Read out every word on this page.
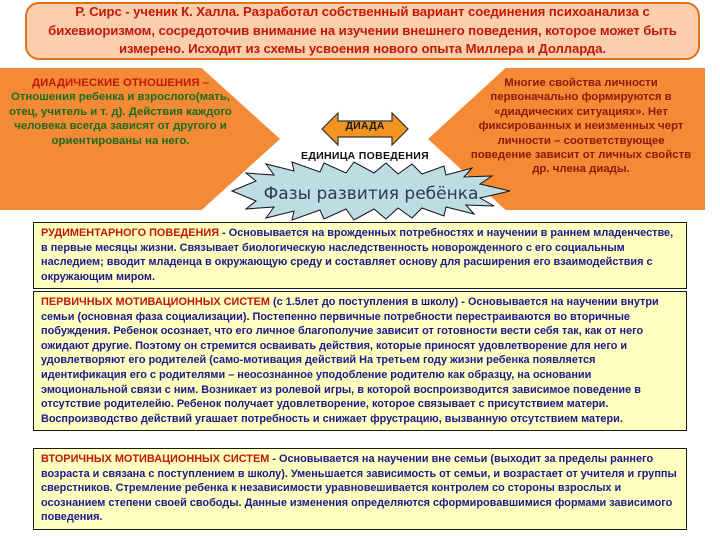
Р. Сирс - ученик К. Халла. Разработал собственный вариант соединения психоанализа с бихевиоризмом, сосредоточив внимание на изучении внешнего поведения, которое может быть измерено. Исходит из схемы усвоения нового опыта Миллера и Долларда.
ДИАДИЧЕСКИЕ ОТНОШЕНИЯ –
Отношения ребенка и взрослого(мать, отец, учитель и т. д). Действия каждого человека всегда зависят от другого и ориентированы на него.
Многие свойства личности первоначально формируются в «диадических ситуациях». Нет фиксированных и неизменных черт личности – соответствующее поведение зависит от личных свойств др. члена диады.
ДИАДА
ЕДИНИЦА ПОВЕДЕНИЯ
Фазы развития ребёнка

РУДИМЕНТАРНОГО ПОВЕДЕНИЯ - Основывается на врожденных потребностях и научении в раннем младенчестве, в первые месяцы жизни. Связывает биологическую наследственность новорожденного с его социальным наследием; вводит младенца в окружающую среду и составляет основу для расширения его взаимодействия с окружающим миром.

ПЕРВИЧНЫХ МОТИВАЦИОННЫХ СИСТЕМ (с 1.5лет до поступления в школу) - Основывается на научении внутри семьи (основная фаза социализации). Постепенно первичные потребности перестраиваются во вторичные побуждения. Ребенок осознает, что его личное благополучие зависит от готовности вести себя так, как от него ожидают другие. Поэтому он стремится осваивать действия, которые приносят удовлетворение для него и удовлетворяют его родителей (само-мотивация действий На третьем году жизни ребенка появляется идентификация его с родителями – неосознанное уподобление родителю как образцу, на основании эмоциональной связи с ним. Возникает из ролевой игры, в которой воспроизводится зависимое поведение в отсутствие родителейю. Ребенок получает удовлетворение, которое связывает с присутствием матери. Воспроизводство действий угашает потребность и снижает фрустрацию, вызванную отсутствием матери.

ВТОРИЧНЫХ МОТИВАЦИОННЫХ СИСТЕМ - Основывается на научении вне семьи (выходит за пределы раннего возраста и связана с поступлением в школу). Уменьшается зависимость от семьи, и возрастает от учителя и группы сверстников. Стремление ребенка к независимости уравновешивается контролем со стороны взрослых и осознанием степени своей свободы. Данные изменения определяются сформировавшимися формами зависимого поведения.
